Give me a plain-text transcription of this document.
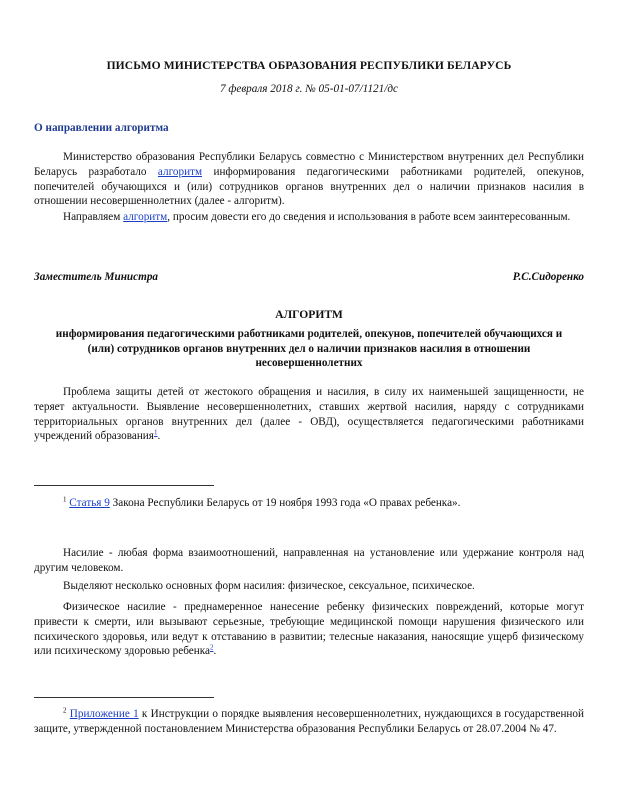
ПИСЬМО МИНИСТЕРСТВА ОБРАЗОВАНИЯ РЕСПУБЛИКИ БЕЛАРУСЬ
7 февраля 2018 г. № 05-01-07/1121/дс
О направлении алгоритма
Министерство образования Республики Беларусь совместно с Министерством внутренних дел Республики Беларусь разработало алгоритм информирования педагогическими работниками родителей, опекунов, попечителей обучающихся и (или) сотрудников органов внутренних дел о наличии признаков насилия в отношении несовершеннолетних (далее - алгоритм).
Направляем алгоритм, просим довести его до сведения и использования в работе всем заинтересованным.
Заместитель Министра	Р.С.Сидоренко
АЛГОРИТМ
информирования педагогическими работниками родителей, опекунов, попечителей обучающихся и (или) сотрудников органов внутренних дел о наличии признаков насилия в отношении несовершеннолетних
Проблема защиты детей от жестокого обращения и насилия, в силу их наименьшей защищенности, не теряет актуальности. Выявление несовершеннолетних, ставших жертвой насилия, наряду с сотрудниками территориальных органов внутренних дел (далее - ОВД), осуществляется педагогическими работниками учреждений образования$^1$.
$^1$ Статья 9 Закона Республики Беларусь от 19 ноября 1993 года «О правах ребенка».
Насилие - любая форма взаимоотношений, направленная на установление или удержание контроля над другим человеком.
Выделяют несколько основных форм насилия: физическое, сексуальное, психическое.
Физическое насилие - преднамеренное нанесение ребенку физических повреждений, которые могут привести к смерти, или вызывают серьезные, требующие медицинской помощи нарушения физического или психического здоровья, или ведут к отставанию в развитии; телесные наказания, наносящие ущерб физическому или психическому здоровью ребенка$^2$.
$^2$ Приложение 1 к Инструкции о порядке выявления несовершеннолетних, нуждающихся в государственной защите, утвержденной постановлением Министерства образования Республики Беларусь от 28.07.2004 № 47.
